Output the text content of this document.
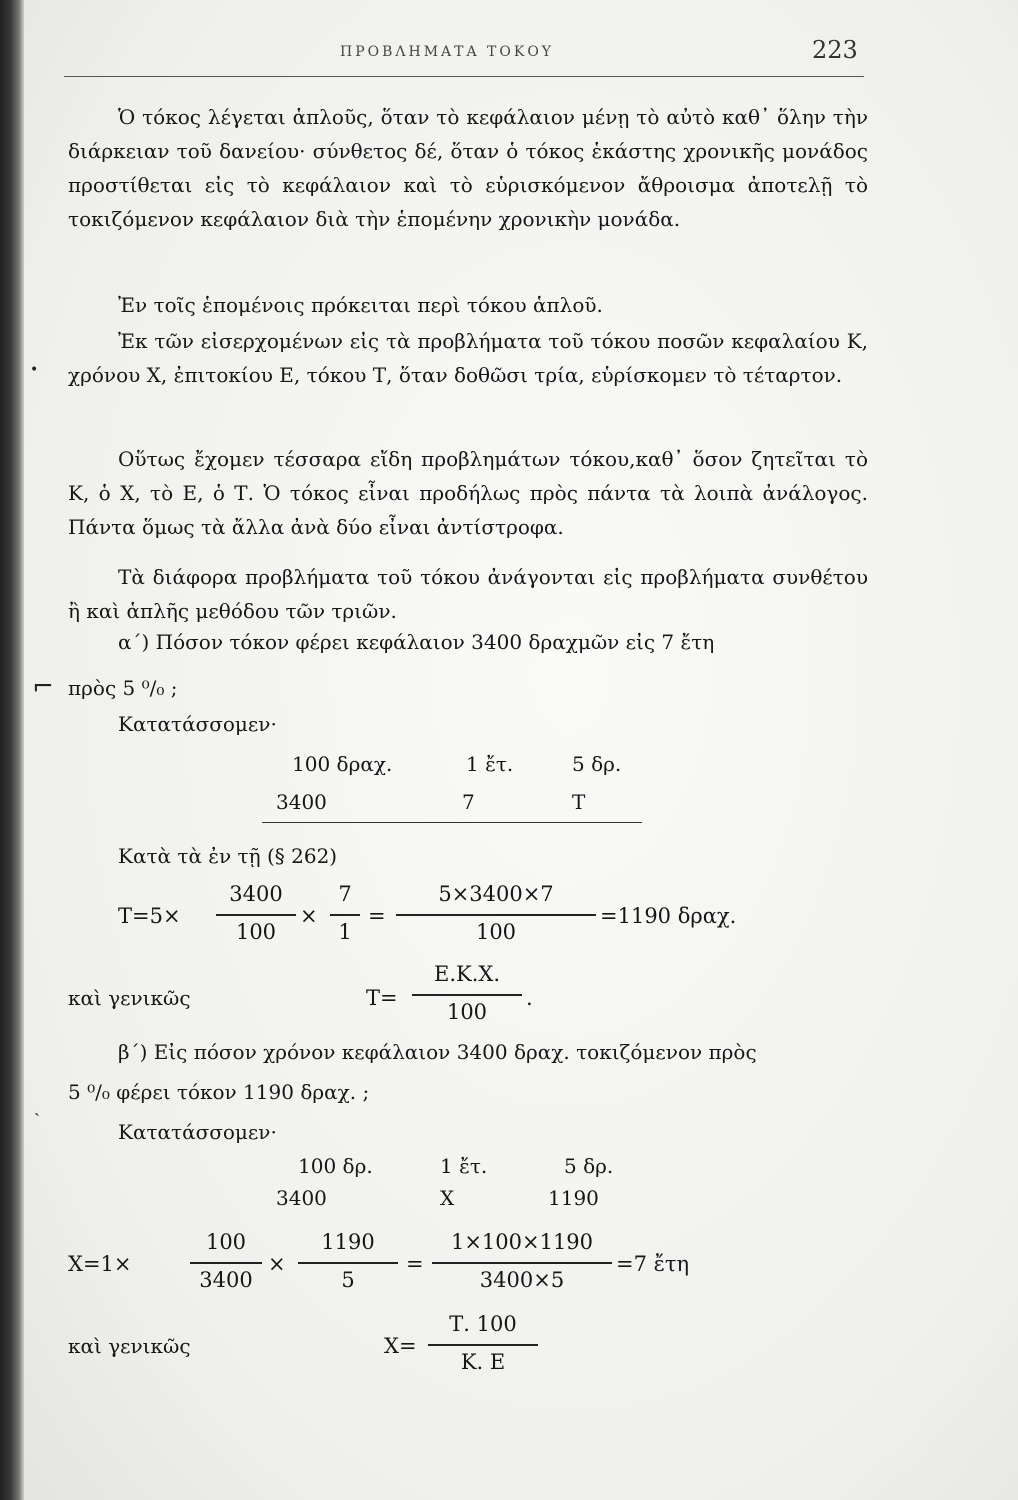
ΠΡΟΒΛΗΜΑΤΑ ΤΟΚΟΥ	223
Ὁ τόκος λέγεται ἁπλοῦς, ὅταν τὸ κεφάλαιον μένῃ τὸ αὐτὸ καθ᾿ ὅλην τὴν διάρκειαν τοῦ δανείου· σύνθετος δέ, ὅταν ὁ τόκος ἑκάστης χρονικῆς μονάδος προστίθεται εἰς τὸ κεφάλαιον καὶ τὸ εὑρισκόμενον ἄθροισμα ἀποτελῇ τὸ τοκιζόμενον κεφάλαιον διὰ τὴν ἑπομένην χρονικὴν μονάδα.
Ἐν τοῖς ἑπομένοις πρόκειται περὶ τόκου ἁπλοῦ.
Ἐκ τῶν εἰσερχομένων εἰς τὰ προβλήματα τοῦ τόκου ποσῶν κεφαλαίου Κ, χρόνου Χ, ἐπιτοκίου Ε, τόκου Τ, ὅταν δοθῶσι τρία, εὑρίσκομεν τὸ τέταρτον.
Οὕτως ἔχομεν τέσσαρα εἴδη προβλημάτων τόκου,καθ᾿ ὅσον ζητεῖται τὸ Κ, ὁ Χ, τὸ Ε, ὁ Τ. Ὁ τόκος εἶναι προδήλως πρὸς πάντα τὰ λοιπὰ ἀνάλογος. Πάντα ὅμως τὰ ἄλλα ἀνὰ δύο εἶναι ἀντίστροφα.
Τὰ διάφορα προβλήματα τοῦ τόκου ἀνάγονται εἰς προβλήματα συνθέτου ἢ καὶ ἁπλῆς μεθόδου τῶν τριῶν.
α΄) Πόσον τόκον φέρει κεφάλαιον 3400 δραχμῶν εἰς 7 ἔτη
πρὸς 5 ⁰/₀ ;
Κατατάσσομεν·
100 δραχ.	1 ἔτ.	5 δρ.
3400	7	Τ
Κατὰ τὰ ἐν τῇ (§ 262)
Τ=5×
3400
100
×
7
1
=
5×3400×7
100
=1190 δραχ.
καὶ γενικῶς	Τ=
Ε.Κ.Χ.
100
.
β΄) Εἰς πόσον χρόνον κεφάλαιον 3400 δραχ. τοκιζόμενον πρὸς
5 ⁰/₀ φέρει τόκον 1190 δραχ. ;
Κατατάσσομεν·
100 δρ.	1 ἔτ.	5 δρ.
3400	Χ	1190
Χ=1×
100
3400
×
1190
5
=
1×100×1190
3400×5
=7 ἔτη
καὶ γενικῶς	Χ=
Τ. 100
Κ. Ε
•
⌐
ˎ
